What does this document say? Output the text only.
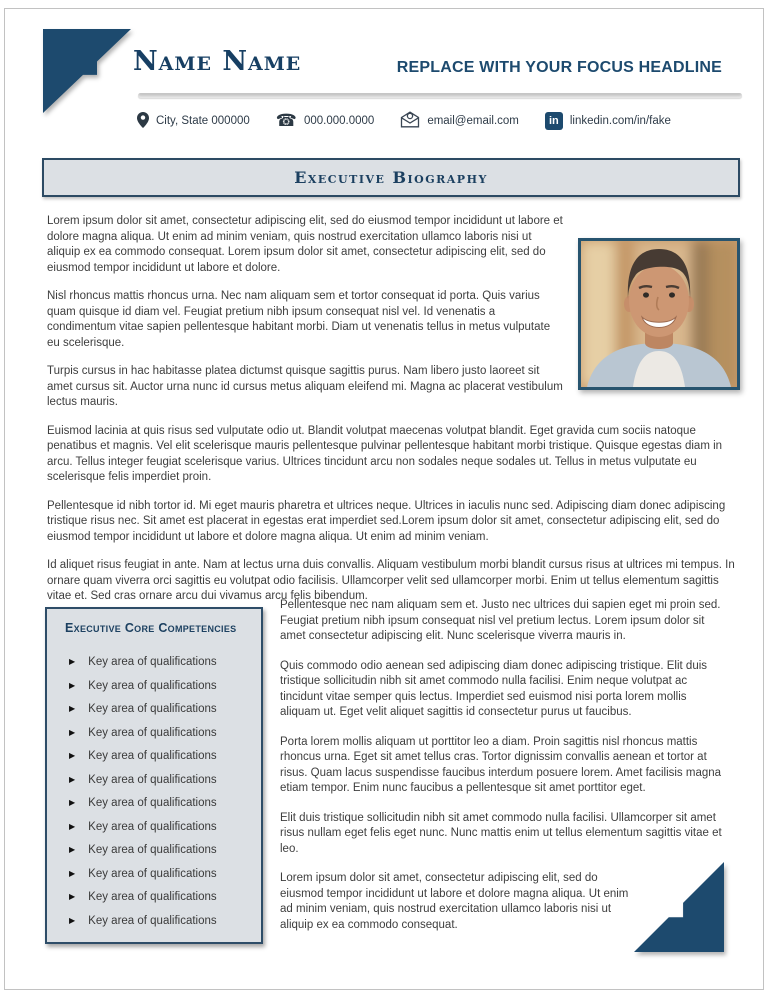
Name Name	REPLACE WITH YOUR FOCUS HEADLINE
City, State 000000 ☎ 000.000.0000	email@email.com	in linkedin.com/in/fake
Executive Biography

Lorem ipsum dolor sit amet, consectetur adipiscing elit, sed do eiusmod tempor incididunt ut labore et dolore magna aliqua. Ut enim ad minim veniam, quis nostrud exercitation ullamco laboris nisi ut aliquip ex ea commodo consequat. Lorem ipsum dolor sit amet, consectetur adipiscing elit, sed do eiusmod tempor incididunt ut labore et dolore.

Nisl rhoncus mattis rhoncus urna. Nec nam aliquam sem et tortor consequat id porta. Quis varius quam quisque id diam vel. Feugiat pretium nibh ipsum consequat nisl vel. Id venenatis a condimentum vitae sapien pellentesque habitant morbi. Diam ut venenatis tellus in metus vulputate eu scelerisque.

Turpis cursus in hac habitasse platea dictumst quisque sagittis purus. Nam libero justo laoreet sit amet cursus sit. Auctor urna nunc id cursus metus aliquam eleifend mi. Magna ac placerat vestibulum lectus mauris.

Euismod lacinia at quis risus sed vulputate odio ut. Blandit volutpat maecenas volutpat blandit. Eget gravida cum sociis natoque penatibus et magnis. Vel elit scelerisque mauris pellentesque pulvinar pellentesque habitant morbi tristique. Quisque egestas diam in arcu. Tellus integer feugiat scelerisque varius. Ultrices tincidunt arcu non sodales neque sodales ut. Tellus in metus vulputate eu scelerisque felis imperdiet proin.

Pellentesque id nibh tortor id. Mi eget mauris pharetra et ultrices neque. Ultrices in iaculis nunc sed. Adipiscing diam donec adipiscing tristique risus nec. Sit amet est placerat in egestas erat imperdiet sed.Lorem ipsum dolor sit amet, consectetur adipiscing elit, sed do eiusmod tempor incididunt ut labore et dolore magna aliqua. Ut enim ad minim veniam.

Id aliquet risus feugiat in ante. Nam at lectus urna duis convallis. Aliquam vestibulum morbi blandit cursus risus at ultrices mi tempus. In ornare quam viverra orci sagittis eu volutpat odio facilisis. Ullamcorper velit sed ullamcorper morbi. Enim ut tellus elementum sagittis vitae et. Sed cras ornare arcu dui vivamus arcu felis bibendum.

Executive Core Competencies
▶ Key area of qualifications
▶ Key area of qualifications
▶ Key area of qualifications
▶ Key area of qualifications
▶ Key area of qualifications
▶ Key area of qualifications
▶ Key area of qualifications
▶ Key area of qualifications
▶ Key area of qualifications
▶ Key area of qualifications
▶ Key area of qualifications
▶ Key area of qualifications

Pellentesque nec nam aliquam sem et. Justo nec ultrices dui sapien eget mi proin sed. Feugiat pretium nibh ipsum consequat nisl vel pretium lectus. Lorem ipsum dolor sit amet consectetur adipiscing elit. Nunc scelerisque viverra mauris in.

Quis commodo odio aenean sed adipiscing diam donec adipiscing tristique. Elit duis tristique sollicitudin nibh sit amet commodo nulla facilisi. Enim neque volutpat ac tincidunt vitae semper quis lectus. Imperdiet sed euismod nisi porta lorem mollis aliquam ut. Eget velit aliquet sagittis id consectetur purus ut faucibus.

Porta lorem mollis aliquam ut porttitor leo a diam. Proin sagittis nisl rhoncus mattis rhoncus urna. Eget sit amet tellus cras. Tortor dignissim convallis aenean et tortor at risus. Quam lacus suspendisse faucibus interdum posuere lorem. Amet facilisis magna etiam tempor. Enim nunc faucibus a pellentesque sit amet porttitor eget.

Elit duis tristique sollicitudin nibh sit amet commodo nulla facilisi. Ullamcorper sit amet risus nullam eget felis eget nunc. Nunc mattis enim ut tellus elementum sagittis vitae et leo.

Lorem ipsum dolor sit amet, consectetur adipiscing elit, sed do eiusmod tempor incididunt ut labore et dolore magna aliqua. Ut enim ad minim veniam, quis nostrud exercitation ullamco laboris nisi ut aliquip ex ea commodo consequat.
